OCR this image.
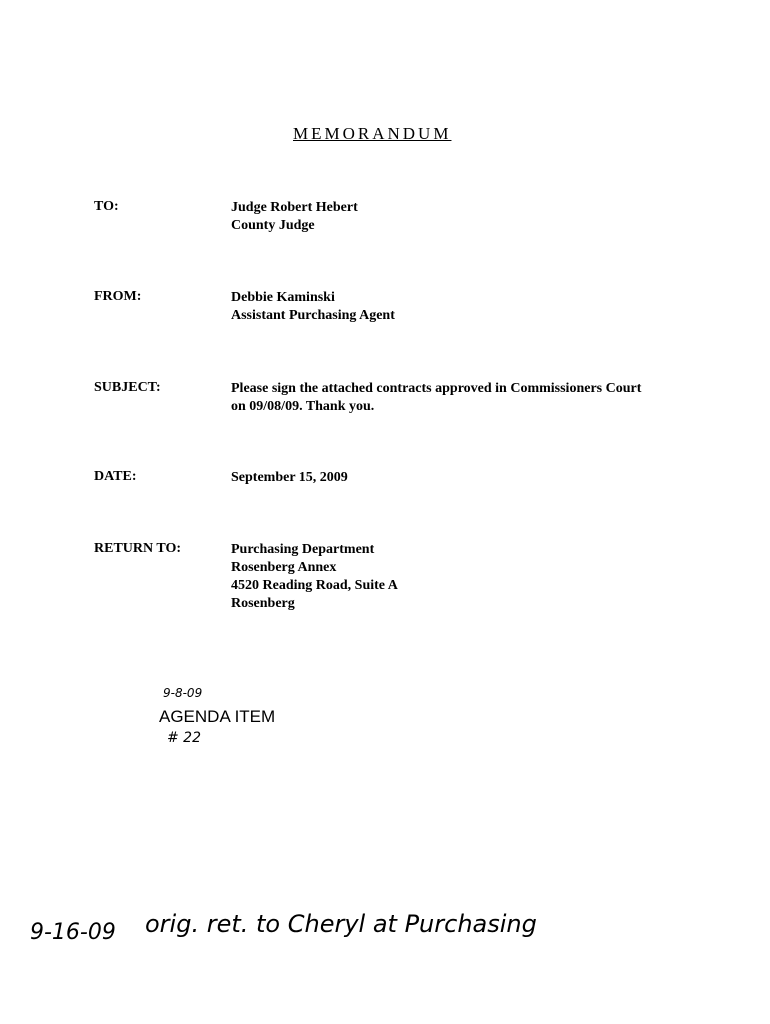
MEMORANDUM
TO:	Judge Robert Hebert
County Judge
FROM:	Debbie Kaminski
Assistant Purchasing Agent
SUBJECT:	Please sign the attached contracts approved in Commissioners Court
on 09/08/09. Thank you.
DATE:	September 15, 2009
RETURN TO:	Purchasing Department
Rosenberg Annex
4520 Reading Road, Suite A
Rosenberg
9-8-09
AGENDA ITEM
# 22
9-16-09 orig. ret. to Cheryl at Purchasing
